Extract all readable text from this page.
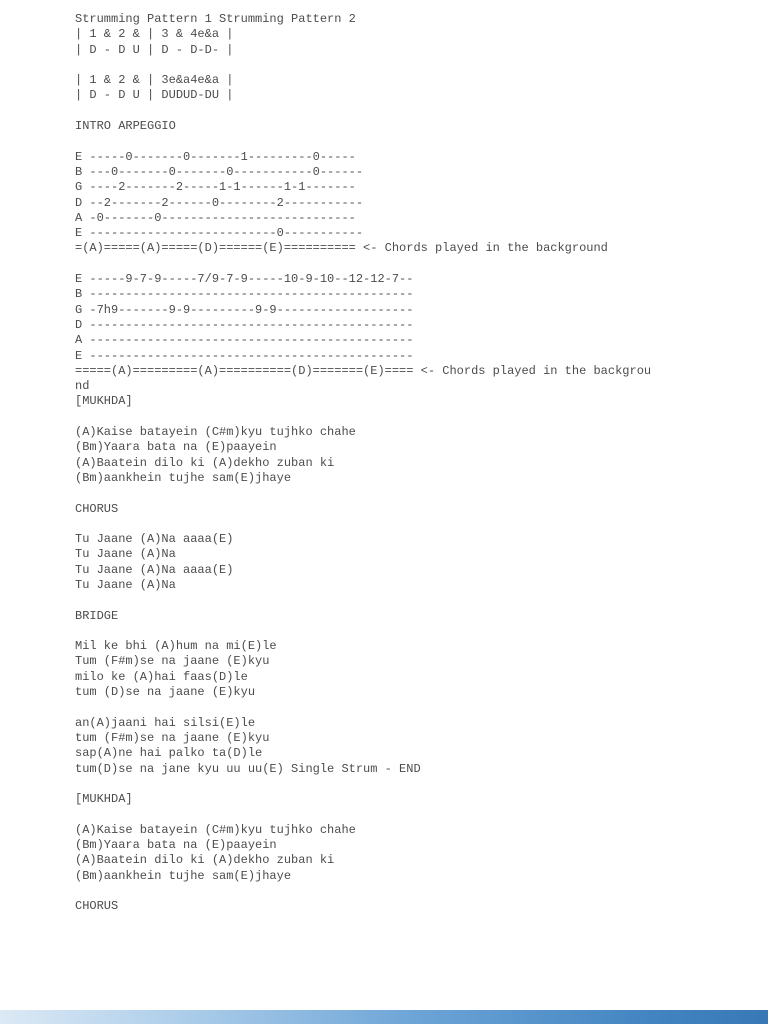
Strumming Pattern 1 Strumming Pattern 2
| 1 & 2 & | 3 & 4e&a |
| D - D U | D - D-D- |
| 1 & 2 & | 3e&a4e&a |
| D - D U | DUDUD-DU |
INTRO ARPEGGIO
E -----0-------0-------1---------0-----
B ---0-------0-------0-----------0------
G ----2-------2-----1-1------1-1-------
D --2-------2------0--------2-----------
A -0-------0---------------------------
E --------------------------0-----------
=(A)=====(A)=====(D)======(E)========== <- Chords played in the background
E -----9-7-9-----7/9-7-9-----10-9-10--12-12-7--
B ---------------------------------------------
G -7h9-------9-9---------9-9-------------------
D ---------------------------------------------
A ---------------------------------------------
E ---------------------------------------------
=====(A)=========(A)==========(D)=======(E)==== <- Chords played in the backgrou
nd
[MUKHDA]
(A)Kaise batayein (C#m)kyu tujhko chahe
(Bm)Yaara bata na (E)paayein
(A)Baatein dilo ki (A)dekho zuban ki
(Bm)aankhein tujhe sam(E)jhaye
CHORUS
Tu Jaane (A)Na aaaa(E)
Tu Jaane (A)Na
Tu Jaane (A)Na aaaa(E)
Tu Jaane (A)Na
BRIDGE
Mil ke bhi (A)hum na mi(E)le
Tum (F#m)se na jaane (E)kyu
milo ke (A)hai faas(D)le
tum (D)se na jaane (E)kyu
an(A)jaani hai silsi(E)le
tum (F#m)se na jaane (E)kyu
sap(A)ne hai palko ta(D)le
tum(D)se na jane kyu uu uu(E) Single Strum - END
[MUKHDA]
(A)Kaise batayein (C#m)kyu tujhko chahe
(Bm)Yaara bata na (E)paayein
(A)Baatein dilo ki (A)dekho zuban ki
(Bm)aankhein tujhe sam(E)jhaye
CHORUS
